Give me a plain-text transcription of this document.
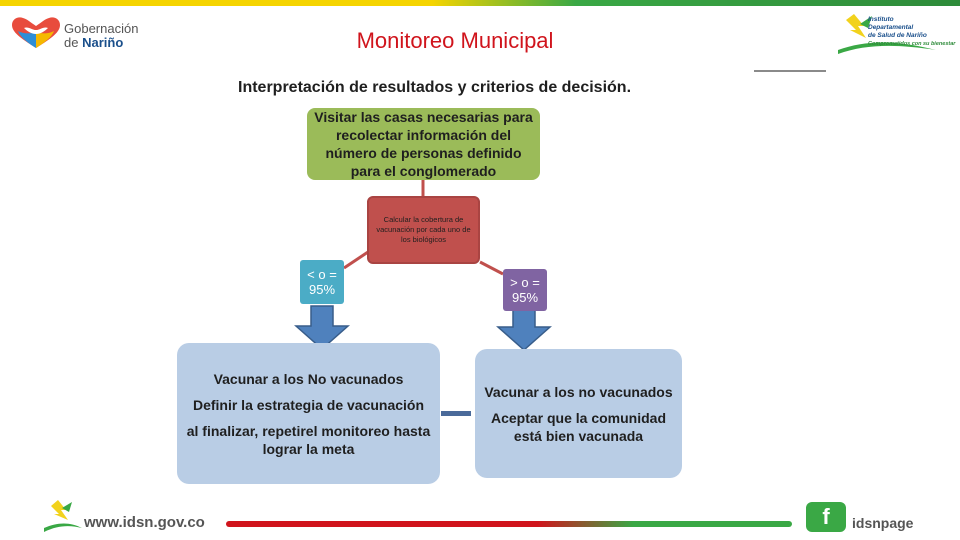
Gobernación
de Nariño	Monitoreo Municipal
Instituto
Departamental
de Salud de Nariño
Comprometidos con su bienestar
Interpretación de resultados y criterios de decisión.
Visitar las casas necesarias para recolectar información del número de personas definido para el conglomerado
Calcular la cobertura de vacunación por cada uno de los biológicos
< o = 95%	> o = 95%

Vacunar a los No vacunados

Definir la estrategia de vacunación

al finalizar, repetirel monitoreo hasta lograr la meta

Vacunar a los no vacunados

Aceptar que la comunidad está bien vacunada

www.idsn.gov.co	f	idsnpage
